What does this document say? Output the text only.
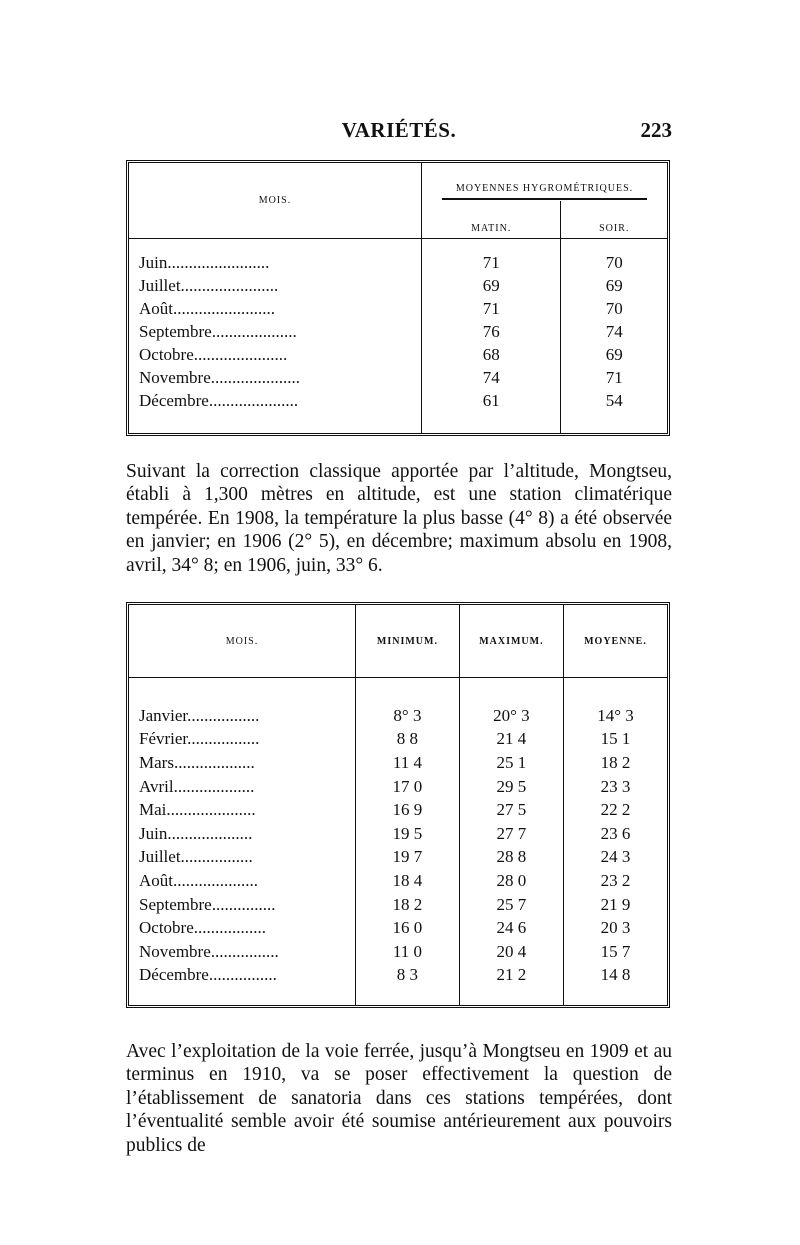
VARIÉTÉS.	223
MOIS.	MOYENNES HYGROMÉTRIQUES.	

	MATIN.	SOIR.
Juin........................	71	70
Juillet.......................	69	69
Août........................	71	70
Septembre....................	76	74
Octobre......................	68	69
Novembre.....................	74	71
Décembre.....................	61	54

Suivant la correction classique apportée par l’altitude, Mongtseu, établi à 1,300 mètres en altitude, est une station climatérique tempérée. En 1908, la température la plus basse (4° 8) a été observée en janvier; en 1906 (2° 5), en décembre; maximum absolu en 1908, avril, 34° 8; en 1906, juin, 33° 6.

MOIS.	MINIMUM.	MAXIMUM.	MOYENNE.

Janvier.................	8° 3	20° 3	14° 3
Février.................	8 8	21 4	15 1
Mars...................	11 4	25 1	18 2
Avril...................	17 0	29 5	23 3
Mai.....................	16 9	27 5	22 2
Juin....................	19 5	27 7	23 6
Juillet.................	19 7	28 8	24 3
Août....................	18 4	28 0	23 2
Septembre...............	18 2	25 7	21 9
Octobre.................	16 0	24 6	20 3
Novembre................	11 0	20 4	15 7
Décembre................	8 3	21 2	14 8

Avec l’exploitation de la voie ferrée, jusqu’à Mongtseu en 1909 et au terminus en 1910, va se poser effectivement la question de l’établissement de sanatoria dans ces stations tempérées, dont l’éventualité semble avoir été soumise antérieurement aux pouvoirs publics de
